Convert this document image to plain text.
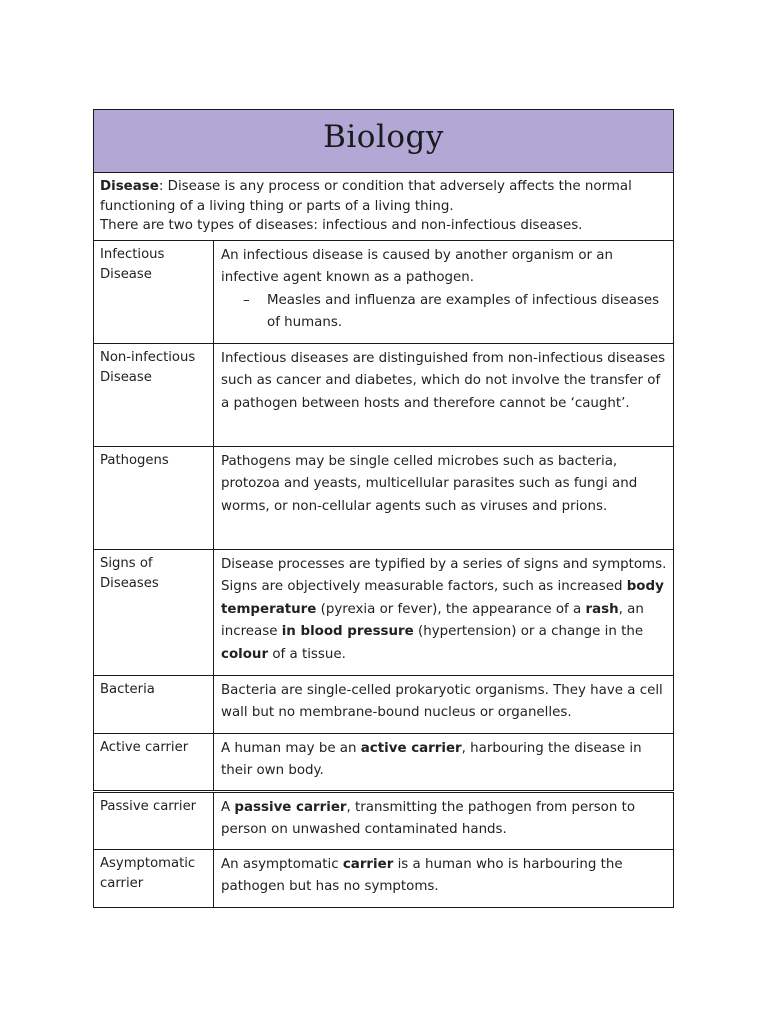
Biology	
Disease: Disease is any process or condition that adversely affects the normal functioning of a living thing or parts of a living thing.
There are two types of diseases: infectious and non-infectious diseases.	
Infectious Disease	An infectious disease is caused by another organism or an infective agent known as a pathogen.
– Measles and influenza are examples of infectious diseases of humans.

Non-infectious Disease	Infectious diseases are distinguished from non-infectious diseases such as cancer and diabetes, which do not involve the transfer of a pathogen between hosts and therefore cannot be ‘caught’.
Pathogens	Pathogens may be single celled microbes such as bacteria, protozoa and yeasts, multicellular parasites such as fungi and worms, or non-cellular agents such as viruses and prions.
Signs of Diseases	Disease processes are typified by a series of signs and symptoms. Signs are objectively measurable factors, such as increased body temperature (pyrexia or fever), the appearance of a rash, an increase in blood pressure (hypertension) or a change in the colour of a tissue.
Bacteria	Bacteria are single-celled prokaryotic organisms. They have a cell wall but no membrane-bound nucleus or organelles.
Active carrier	A human may be an active carrier, harbouring the disease in their own body.
Passive carrier	A passive carrier, transmitting the pathogen from person to person on unwashed contaminated hands.
Asymptomatic carrier	An asymptomatic carrier is a human who is harbouring the pathogen but has no symptoms.
